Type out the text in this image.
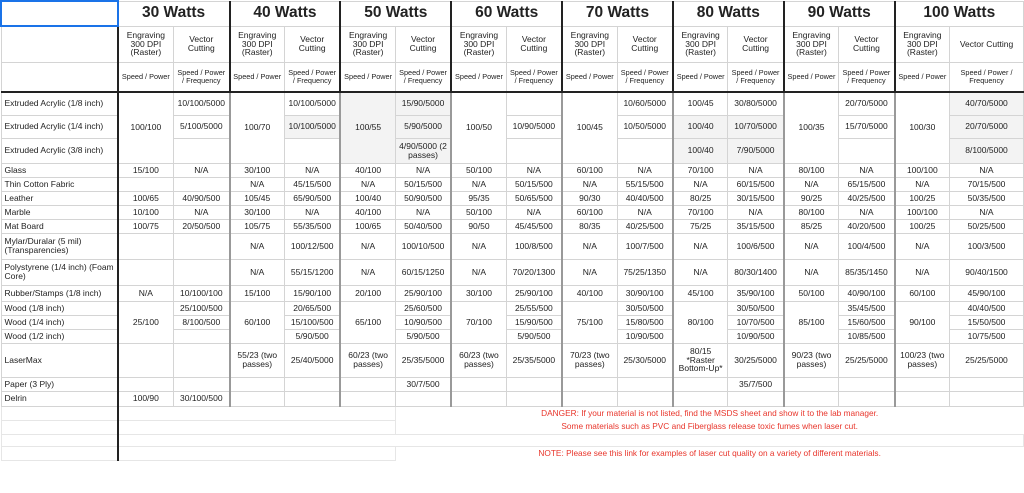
	30 Watts		40 Watts		50 Watts		60 Watts		70 Watts		80 Watts		90 Watts		100 Watts	
	Engraving 300 DPI (Raster)	Vector Cutting	Engraving 300 DPI (Raster)	Vector Cutting	Engraving 300 DPI (Raster)	Vector Cutting	Engraving 300 DPI (Raster)	Vector Cutting	Engraving 300 DPI (Raster)	Vector Cutting	Engraving 300 DPI (Raster)	Vector Cutting	Engraving 300 DPI (Raster)	Vector Cutting	Engraving 300 DPI (Raster)	Vector Cutting
	Speed / Power	Speed / Power / Frequency	Speed / Power	Speed / Power / Frequency	Speed / Power	Speed / Power / Frequency	Speed / Power	Speed / Power / Frequency	Speed / Power	Speed / Power / Frequency	Speed / Power	Speed / Power / Frequency	Speed / Power	Speed / Power / Frequency	Speed / Power	Speed / Power / Frequency
Extruded Acrylic (1/8 inch)	100/100	10/100/5000	100/70	10/100/5000	100/55	15/90/5000	100/50		100/45	10/60/5000	100/45	30/80/5000	100/35	20/70/5000	100/30	40/70/5000
Extruded Acrylic (1/4 inch)		5/100/5000		10/100/5000		5/90/5000		10/90/5000		10/50/5000	100/40	10/70/5000		15/70/5000		20/70/5000
Extruded Acrylic (3/8 inch)						4/90/5000 (2 passes)					100/40	7/90/5000				8/100/5000
Glass	15/100	N/A	30/100	N/A	40/100	N/A	50/100	N/A	60/100	N/A	70/100	N/A	80/100	N/A	100/100	N/A
Thin Cotton Fabric			N/A	45/15/500	N/A	50/15/500	N/A	50/15/500	N/A	55/15/500	N/A	60/15/500	N/A	65/15/500	N/A	70/15/500
Leather	100/65	40/90/500	105/45	65/90/500	100/40	50/90/500	95/35	50/65/500	90/30	40/40/500	80/25	30/15/500	90/25	40/25/500	100/25	50/35/500
Marble	10/100	N/A	30/100	N/A	40/100	N/A	50/100	N/A	60/100	N/A	70/100	N/A	80/100	N/A	100/100	N/A
Mat Board	100/75	20/50/500	105/75	55/35/500	100/65	50/40/500	90/50	45/45/500	80/35	40/25/500	75/25	35/15/500	85/25	40/20/500	100/25	50/25/500
Mylar/Duralar (5 mil) (Transparencies)			N/A	100/12/500	N/A	100/10/500	N/A	100/8/500	N/A	100/7/500	N/A	100/6/500	N/A	100/4/500	N/A	100/3/500
Polystyrene (1/4 inch) (Foam Core)			N/A	55/15/1200	N/A	60/15/1250	N/A	70/20/1300	N/A	75/25/1350	N/A	80/30/1400	N/A	85/35/1450	N/A	90/40/1500
Rubber/Stamps (1/8 inch)	N/A	10/100/100	15/100	15/90/100	20/100	25/90/100	30/100	25/90/100	40/100	30/90/100	45/100	35/90/100	50/100	40/90/100	60/100	45/90/100
Wood (1/8 inch)	25/100	25/100/500	60/100	20/65/500	65/100	25/60/500	70/100	25/55/500	75/100	30/50/500	80/100	30/50/500	85/100	35/45/500	90/100	40/40/500
Wood (1/4 inch)		8/100/500		15/100/500		10/90/500		15/90/500		15/80/500		10/70/500		15/60/500		15/50/500
Wood (1/2 inch)				5/90/500		5/90/500		5/90/500		10/90/500		10/90/500		10/85/500		10/75/500
LaserMax			55/23 (two passes)	25/40/5000	60/23 (two passes)	25/35/5000	60/23 (two passes)	25/35/5000	70/23 (two passes)	25/30/5000	80/15 *Raster Bottom-Up*	30/25/5000	90/23 (two passes)	25/25/5000	100/23 (two passes)	25/25/5000
Paper (3 Ply)						30/7/500						35/7/500				
Delrin	100/90	30/100/500														
						DANGER: If your material is not listed, find the MSDS sheet and show it to the lab manager.										
						Some materials such as PVC and Fiberglass release toxic fumes when laser cut.										

						NOTE: Please see this link for examples of laser cut quality on a variety of different materials.										
